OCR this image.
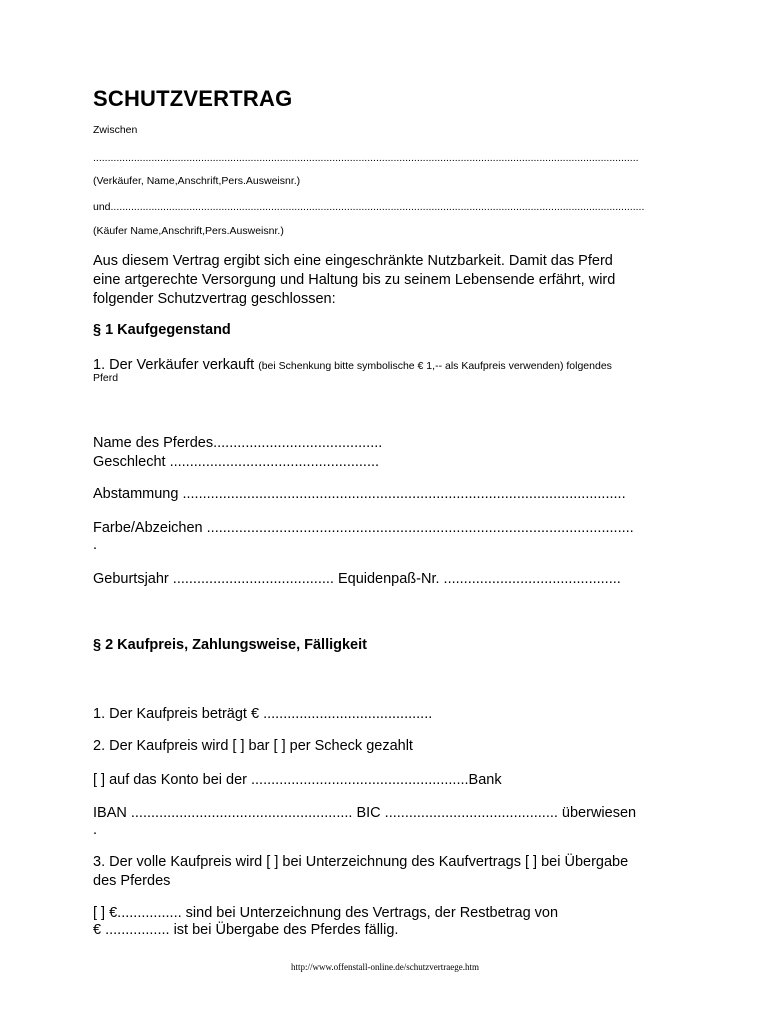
SCHUTZVERTRAG
Zwischen
...........................................................................................................................................................................................
(Verkäufer, Name,Anschrift,Pers.Ausweisnr.)
und.......................................................................................................................................................................................
(Käufer Name,Anschrift,Pers.Ausweisnr.)
Aus diesem Vertrag ergibt sich eine eingeschränkte Nutzbarkeit. Damit das Pferd
eine artgerechte Versorgung und Haltung bis zu seinem Lebensende erfährt, wird
folgender Schutzvertrag geschlossen:
§ 1 Kaufgegenstand
1. Der Verkäufer verkauft (bei Schenkung bitte symbolische € 1,-- als Kaufpreis verwenden) folgendes
Pferd
Name des Pferdes..........................................
Geschlecht ....................................................
Abstammung ..............................................................................................................
Farbe/Abzeichen ..........................................................................................................
.
Geburtsjahr ........................................ Equidenpaß-Nr. ............................................
§ 2 Kaufpreis, Zahlungsweise, Fälligkeit
1. Der Kaufpreis beträgt € ..........................................
2. Der Kaufpreis wird [ ] bar [ ] per Scheck gezahlt
[ ] auf das Konto bei der ......................................................Bank
IBAN ....................................................... BIC ........................................... überwiesen
.
3. Der volle Kaufpreis wird [ ] bei Unterzeichnung des Kaufvertrags [ ] bei Übergabe
des Pferdes
[ ] €................ sind bei Unterzeichnung des Vertrags, der Restbetrag von
€ ................ ist bei Übergabe des Pferdes fällig.
http://www.offenstall-online.de/schutzvertraege.htm
